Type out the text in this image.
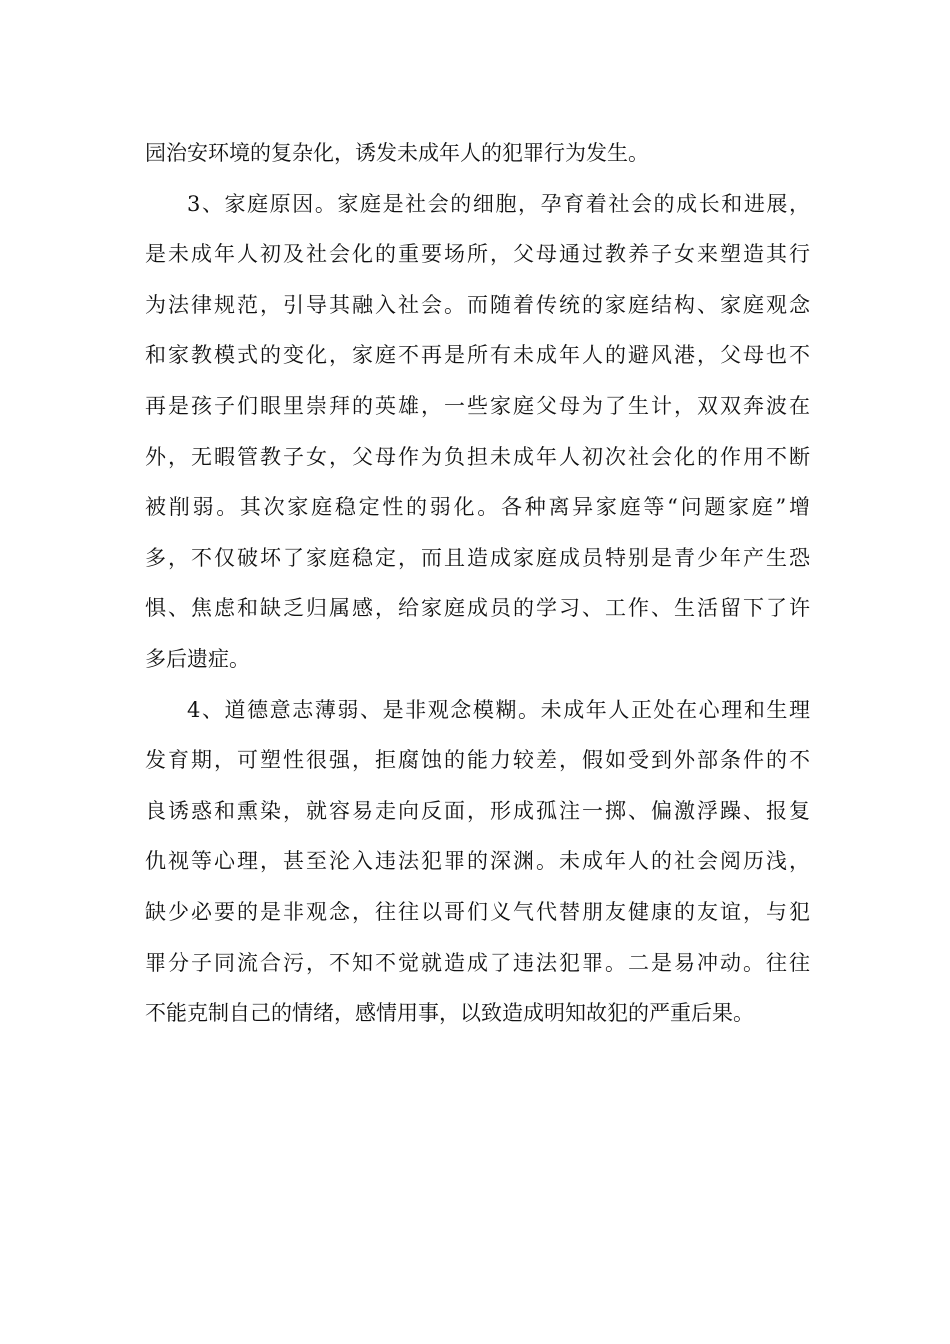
园治安环境的复杂化，诱发未成年人的犯罪行为发生。
3、家庭原因。家庭是社会的细胞，孕育着社会的成长和进展，
是未成年人初及社会化的重要场所，父母通过教养子女来塑造其行
为法律规范，引导其融入社会。而随着传统的家庭结构、家庭观念
和家教模式的变化，家庭不再是所有未成年人的避风港，父母也不
再是孩子们眼里崇拜的英雄，一些家庭父母为了生计，双双奔波在
外，无暇管教子女，父母作为负担未成年人初次社会化的作用不断
被削弱。其次家庭稳定性的弱化。各种离异家庭等“问题家庭”增
多，不仅破坏了家庭稳定，而且造成家庭成员特别是青少年产生恐
惧、焦虑和缺乏归属感，给家庭成员的学习、工作、生活留下了许
多后遗症。
4、道德意志薄弱、是非观念模糊。未成年人正处在心理和生理
发育期，可塑性很强，拒腐蚀的能力较差，假如受到外部条件的不
良诱惑和熏染，就容易走向反面，形成孤注一掷、偏激浮躁、报复
仇视等心理，甚至沦入违法犯罪的深渊。未成年人的社会阅历浅，
缺少必要的是非观念，往往以哥们义气代替朋友健康的友谊，与犯
罪分子同流合污，不知不觉就造成了违法犯罪。二是易冲动。往往
不能克制自己的情绪，感情用事，以致造成明知故犯的严重后果。
